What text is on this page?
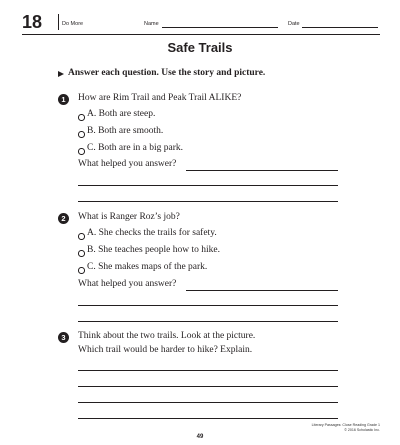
18	Do More	Name	Date
Safe Trails
Answer each question. Use the story and picture.
1	How are Rim Trail and Peak Trail ALIKE?
A. Both are steep.
B. Both are smooth.
C. Both are in a big park.
What helped you answer?
2	What is Ranger Roz’s job?
A. She checks the trails for safety.
B. She teaches people how to hike.
C. She makes maps of the park.
What helped you answer?
3	Think about the two trails. Look at the picture.
Which trail would be harder to hike? Explain.
Literary Passages: Close Reading Grade 1
© 2016 Scholastic Inc.
49
